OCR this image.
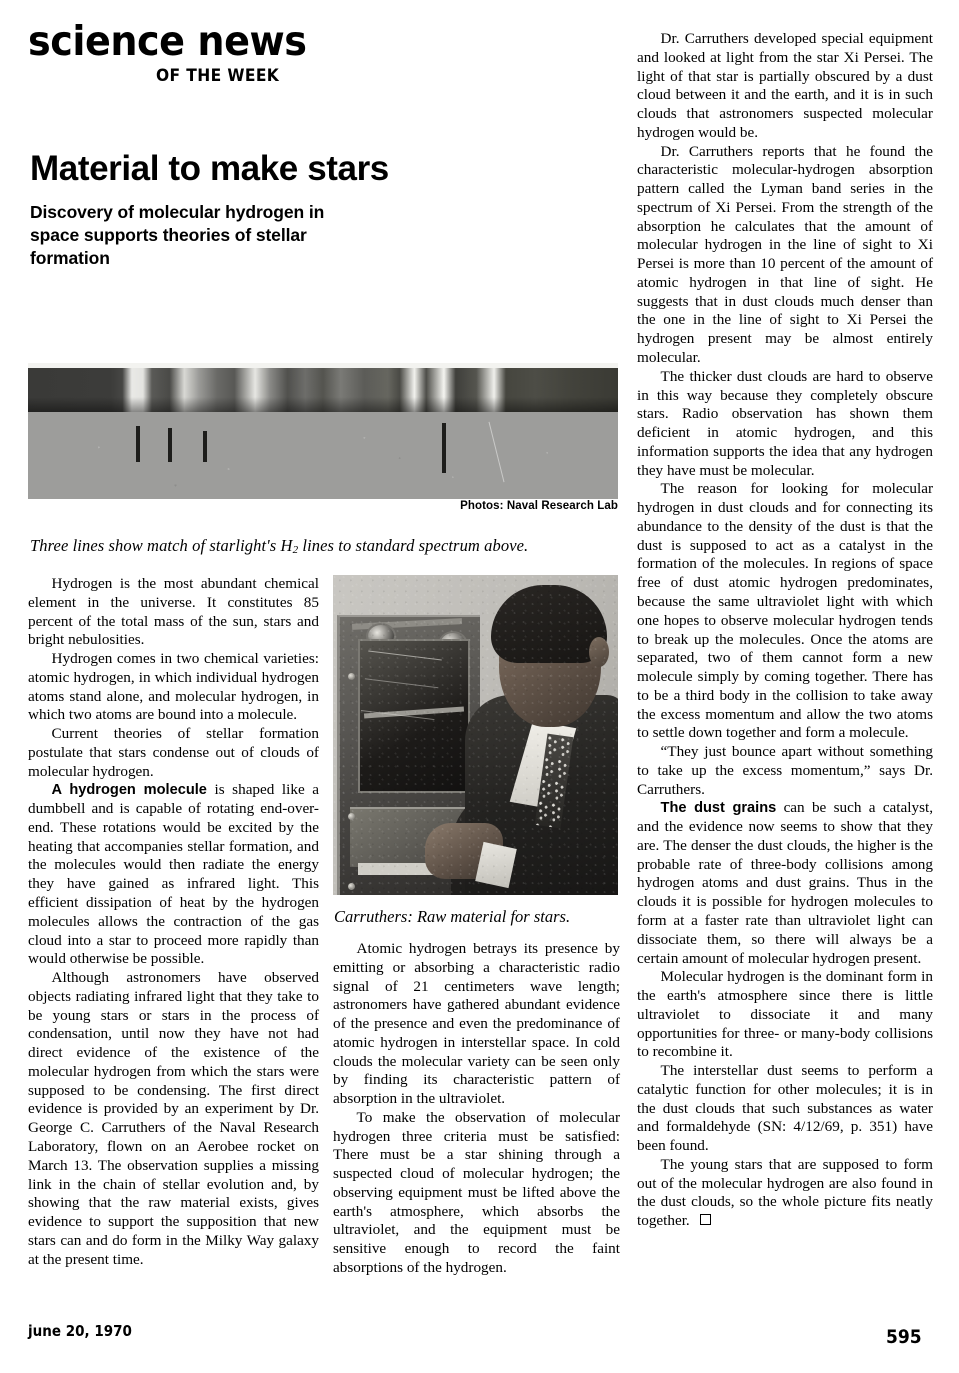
science news
OF THE WEEK
Material to make stars
Discovery of molecular hydrogen in space supports theories of stellar formation
Photos: Naval Research Lab
Three lines show match of starlight's $H_2$ lines to standard spectrum above.

Hydrogen is the most abundant chemical element in the universe. It constitutes 85 percent of the total mass of the sun, stars and bright nebulosities.

Hydrogen comes in two chemical varieties: atomic hydrogen, in which individual hydrogen atoms stand alone, and molecular hydrogen, in which two atoms are bound into a molecule.

Current theories of stellar formation postulate that stars condense out of clouds of molecular hydrogen.

A hydrogen molecule is shaped like a dumbbell and is capable of rotating end-over-end. These rotations would be excited by the heating that accompanies stellar formation, and the molecules would then radiate the energy they have gained as infrared light. This efficient dissipation of heat by the hydrogen molecules allows the contraction of the gas cloud into a star to proceed more rapidly than would otherwise be possible.

Although astronomers have observed objects radiating infrared light that they take to be young stars or stars in the process of condensation, until now they have not had direct evidence of the existence of the molecular hydrogen from which the stars were supposed to be condensing. The first direct evidence is provided by an experiment by Dr. George C. Carruthers of the Naval Research Laboratory, flown on an Aerobee rocket on March 13. The observation supplies a missing link in the chain of stellar evolution and, by showing that the raw material exists, gives evidence to support the supposition that new stars can and do form in the Milky Way galaxy at the present time.

Carruthers: Raw material for stars.

Atomic hydrogen betrays its presence by emitting or absorbing a characteristic radio signal of 21 centimeters wave length; astronomers have gathered abundant evidence of the presence and even the predominance of atomic hydrogen in interstellar space. In cold clouds the molecular variety can be seen only by finding its characteristic pattern of absorption in the ultraviolet.

To make the observation of molecular hydrogen three criteria must be satisfied: There must be a star shining through a suspected cloud of molecular hydrogen; the observing equipment must be lifted above the earth's atmosphere, which absorbs the ultraviolet, and the equipment must be sensitive enough to record the faint absorptions of the hydrogen.

Dr. Carruthers developed special equipment and looked at light from the star Xi Persei. The light of that star is partially obscured by a dust cloud between it and the earth, and it is in such clouds that astronomers suspected molecular hydrogen would be.

Dr. Carruthers reports that he found the characteristic molecular-hydrogen absorption pattern called the Lyman band series in the spectrum of Xi Persei. From the strength of the absorption he calculates that the amount of molecular hydrogen in the line of sight to Xi Persei is more than 10 percent of the amount of atomic hydrogen in that line of sight. He suggests that in dust clouds much denser than the one in the line of sight to Xi Persei the hydrogen present may be almost entirely molecular.

The thicker dust clouds are hard to observe in this way because they completely obscure stars. Radio observation has shown them deficient in atomic hydrogen, and this information supports the idea that any hydrogen they have must be molecular.

The reason for looking for molecular hydrogen in dust clouds and for connecting its abundance to the density of the dust is that the dust is supposed to act as a catalyst in the formation of the molecules. In regions of space free of dust atomic hydrogen predominates, because the same ultraviolet light with which one hopes to observe molecular hydrogen tends to break up the molecules. Once the atoms are separated, two of them cannot form a new molecule simply by coming together. There has to be a third body in the collision to take away the excess momentum and allow the two atoms to settle down together and form a molecule.

“They just bounce apart without something to take up the excess momentum,” says Dr. Carruthers.

The dust grains can be such a catalyst, and the evidence now seems to show that they are. The denser the dust clouds, the higher is the probable rate of three-body collisions among hydrogen atoms and dust grains. Thus in the clouds it is possible for hydrogen molecules to form at a faster rate than ultraviolet light can dissociate them, so there will always be a certain amount of molecular hydrogen present.

Molecular hydrogen is the dominant form in the earth's atmosphere since there is little ultraviolet to dissociate it and many opportunities for three- or many-body collisions to recombine it.

The interstellar dust seems to perform a catalytic function for other molecules; it is in the dust clouds that such substances as water and formaldehyde (SN: 4/12/69, p. 351) have been found.

The young stars that are supposed to form out of the molecular hydrogen are also found in the dust clouds, so the whole picture fits neatly together.

june 20, 1970	595
